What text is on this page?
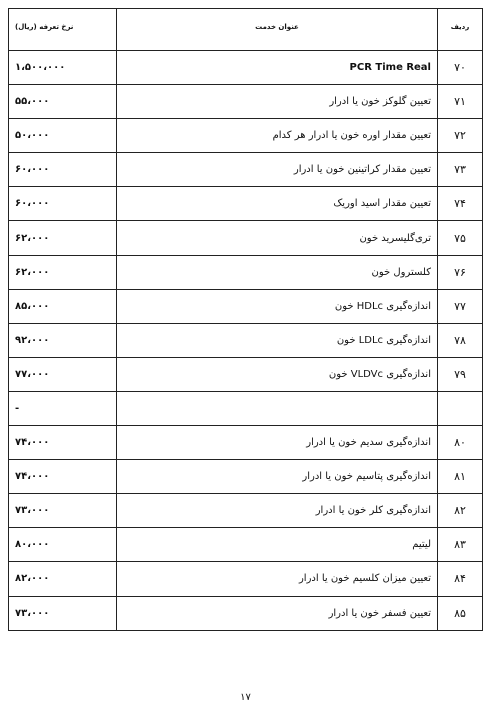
نرخ تعرفه (ریال)	عنوان خدمت	ردیف
۱،۵۰۰،۰۰۰	PCR Time Real	۷۰
۵۵،۰۰۰	تعیین گلوکز خون یا ادرار	۷۱
۵۰،۰۰۰	تعیین مقدار اوره خون یا ادرار هر کدام	۷۲
۶۰،۰۰۰	تعیین مقدار کراتینین خون یا ادرار	۷۳
۶۰،۰۰۰	تعیین مقدار اسید اوریک	۷۴
۶۲،۰۰۰	تری‌گلیسرید خون	۷۵
۶۲،۰۰۰	کلسترول خون	۷۶
۸۵،۰۰۰	اندازه‌گیری HDLc خون	۷۷
۹۲،۰۰۰	اندازه‌گیری LDLc خون	۷۸
۷۷،۰۰۰	اندازه‌گیری VLDVc خون	۷۹
-		
۷۴،۰۰۰	اندازه‌گیری سدیم خون یا ادرار	۸۰
۷۴،۰۰۰	اندازه‌گیری پتاسیم خون یا ادرار	۸۱
۷۳،۰۰۰	اندازه‌گیری کلر خون یا ادرار	۸۲
۸۰،۰۰۰	لیتیم	۸۳
۸۲،۰۰۰	تعیین میزان کلسیم خون یا ادرار	۸۴
۷۳،۰۰۰	تعیین فسفر خون یا ادرار	۸۵
۱۷
